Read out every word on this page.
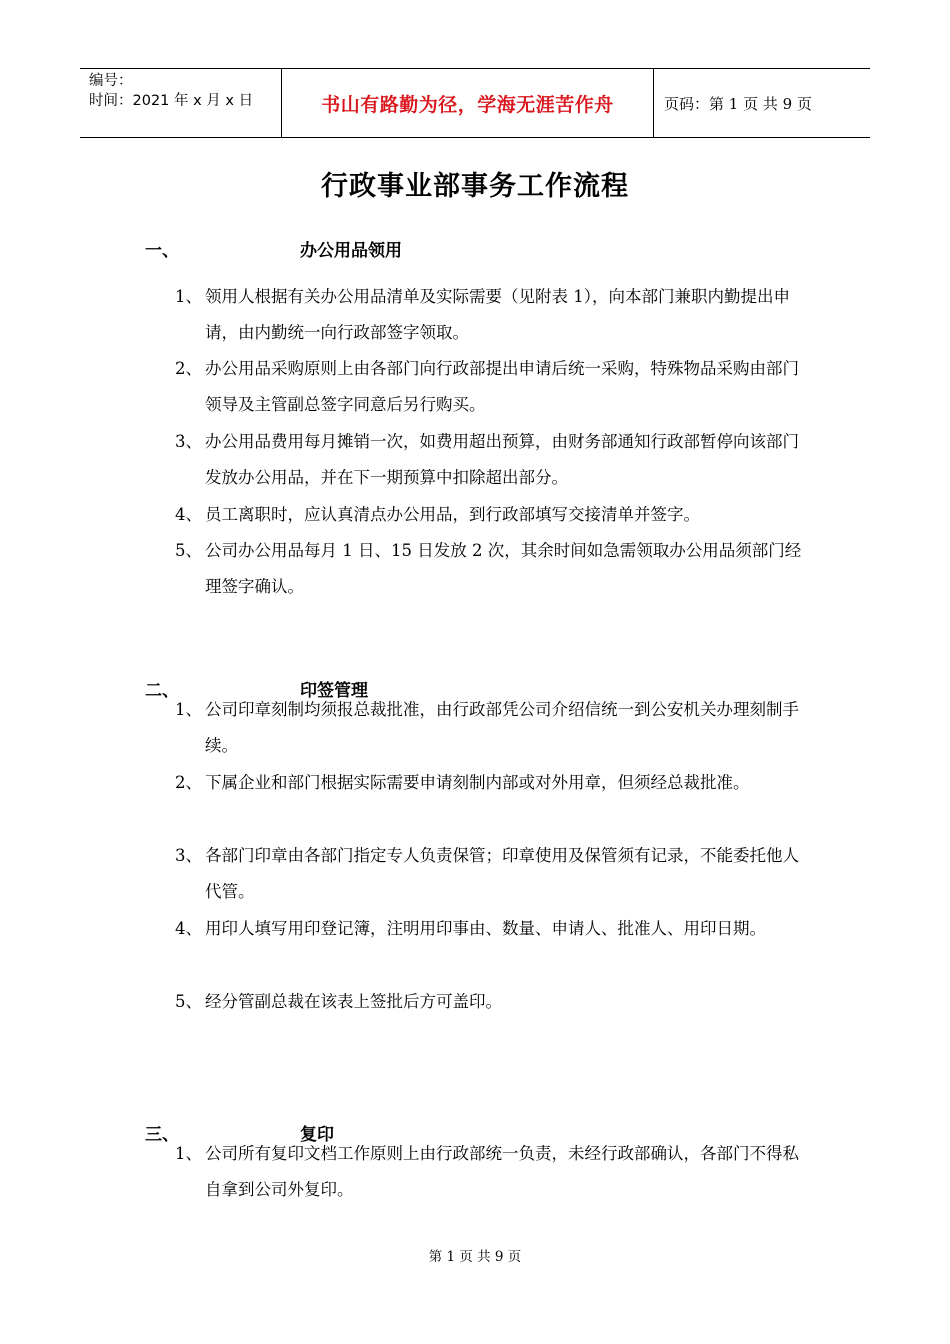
编号：
时间：2021 年 x 月 x 日	书山有路勤为径，学海无涯苦作舟	页码：第 1 页 共 9 页
行政事业部事务工作流程
一、	办公用品领用
1、 领用人根据有关办公用品清单及实际需要（见附表 1），向本部门兼职内勤提出申请，由内勤统一向行政部签字领取。
2、 办公用品采购原则上由各部门向行政部提出申请后统一采购，特殊物品采购由部门领导及主管副总签字同意后另行购买。
3、 办公用品费用每月摊销一次，如费用超出预算，由财务部通知行政部暂停向该部门发放办公用品，并在下一期预算中扣除超出部分。
4、 员工离职时，应认真清点办公用品，到行政部填写交接清单并签字。
5、 公司办公用品每月 1 日、15 日发放 2 次，其余时间如急需领取办公用品须部门经理签字确认。
二、	印签管理
1、 公司印章刻制均须报总裁批准，由行政部凭公司介绍信统一到公安机关办理刻制手续。
2、 下属企业和部门根据实际需要申请刻制内部或对外用章，但须经总裁批准。
3、 各部门印章由各部门指定专人负责保管；印章使用及保管须有记录，不能委托他人代管。
4、 用印人填写用印登记簿，注明用印事由、数量、申请人、批准人、用印日期。
5、 经分管副总裁在该表上签批后方可盖印。
三、	复印
1、 公司所有复印文档工作原则上由行政部统一负责，未经行政部确认，各部门不得私自拿到公司外复印。
第 1 页 共 9 页
